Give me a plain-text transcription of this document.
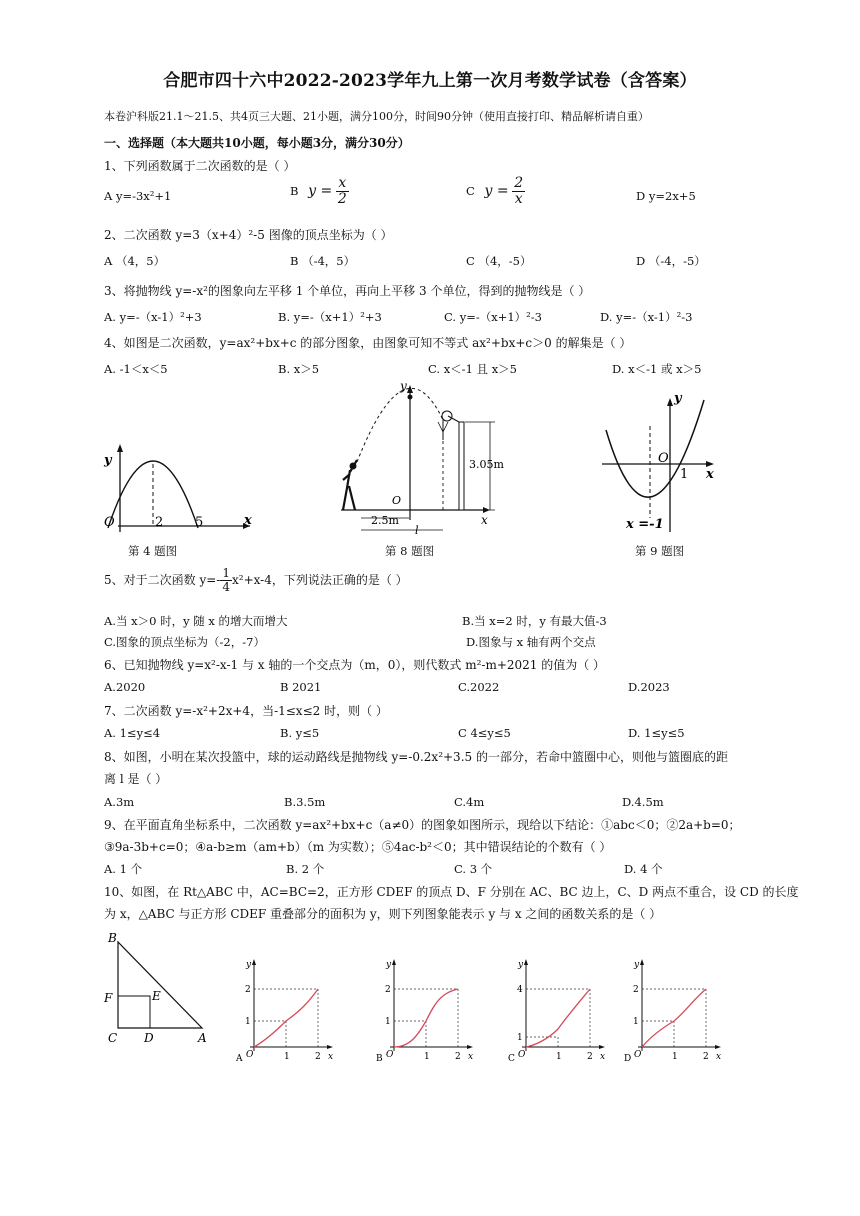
合肥市四十六中2022-2023学年九上第一次月考数学试卷（含答案）
本卷沪科版21.1～21.5、共4页三大题、21小题，满分100分，时间90分钟（使用直接打印、精品解析请自重）
一、选择题（本大题共10小题，每小题3分，满分30分）
1、下列函数属于二次函数的是（ ）
A y=-3x²+1	B $y = \frac{x}{2}$	C $y = \frac{2}{x}$	D y=2x+5
2、二次函数 y=3（x+4）²-5 图像的顶点坐标为（ ）
A （4，5）	B （-4，5）	C （4，-5）	D （-4，-5）
3、将抛物线 y=-x²的图象向左平移 1 个单位，再向上平移 3 个单位，得到的抛物线是（ ）
A. y=-（x-1）²+3	B. y=-（x+1）²+3	C. y=-（x+1）²-3	D. y=-（x-1）²-3
4、如图是二次函数，y=ax²+bx+c 的部分图象，由图象可知不等式 ax²+bx+c＞0 的解集是（ ）
A. -1＜x＜5	B. x＞5	C. x＜-1 且 x＞5	D. x＜-1 或 x＞5
y
x
O	2 5
第 4 题图
3.05m
O
y
x
2.5m
l
第 8 题图
y
x
O
1
x =-1
第 9 题图
5、对于二次函数 $y=- \frac{1}{4} x^2+x-4$，下列说法正确的是（ ）
A.当 x＞0 时，y 随 x 的增大而增大	B.当 x=2 时，y 有最大值-3
C.图象的顶点坐标为（-2，-7）	D.图象与 x 轴有两个交点
6、已知抛物线 y=x²-x-1 与 x 轴的一个交点为（m，0），则代数式 m²-m+2021 的值为（ ）
A.2020	B 2021	C.2022	D.2023
7、二次函数 y=-x²+2x+4，当-1≤x≤2 时，则（ ）
A. 1≤y≤4	B. y≤5	C 4≤y≤5	D. 1≤y≤5
8、如图，小明在某次投篮中，球的运动路线是抛物线 y=-0.2x²+3.5 的一部分，若命中篮圈中心，则他与篮圈底的距
离 l 是（ ）
A.3m	B.3.5m	C.4m	D.4.5m
9、在平面直角坐标系中，二次函数 y=ax²+bx+c（a≠0）的图象如图所示，现给以下结论：①abc＜0；②2a+b=0；
③9a-3b+c=0；④a-b≥m（am+b）（m 为实数）；⑤4ac-b²＜0；其中错误结论的个数有（ ）
A. 1 个	B. 2 个	C. 3 个	D. 4 个
10、如图，在 Rt△ABC 中，AC=BC=2，正方形 CDEF 的顶点 D、F 分别在 AC、BC 边上，C、D 两点不重合，设 CD 的长度
为 x，△ABC 与正方形 CDEF 重叠部分的面积为 y，则下列图象能表示 y 与 x 之间的函数关系的是（ ）
B
F	E
C D	A
y
x
O	1	2
2
1
A
y
x
O	1	2
2
1
B
y
x
O	1	2
4
1
C
y
x
O	1	2
2
1
D
